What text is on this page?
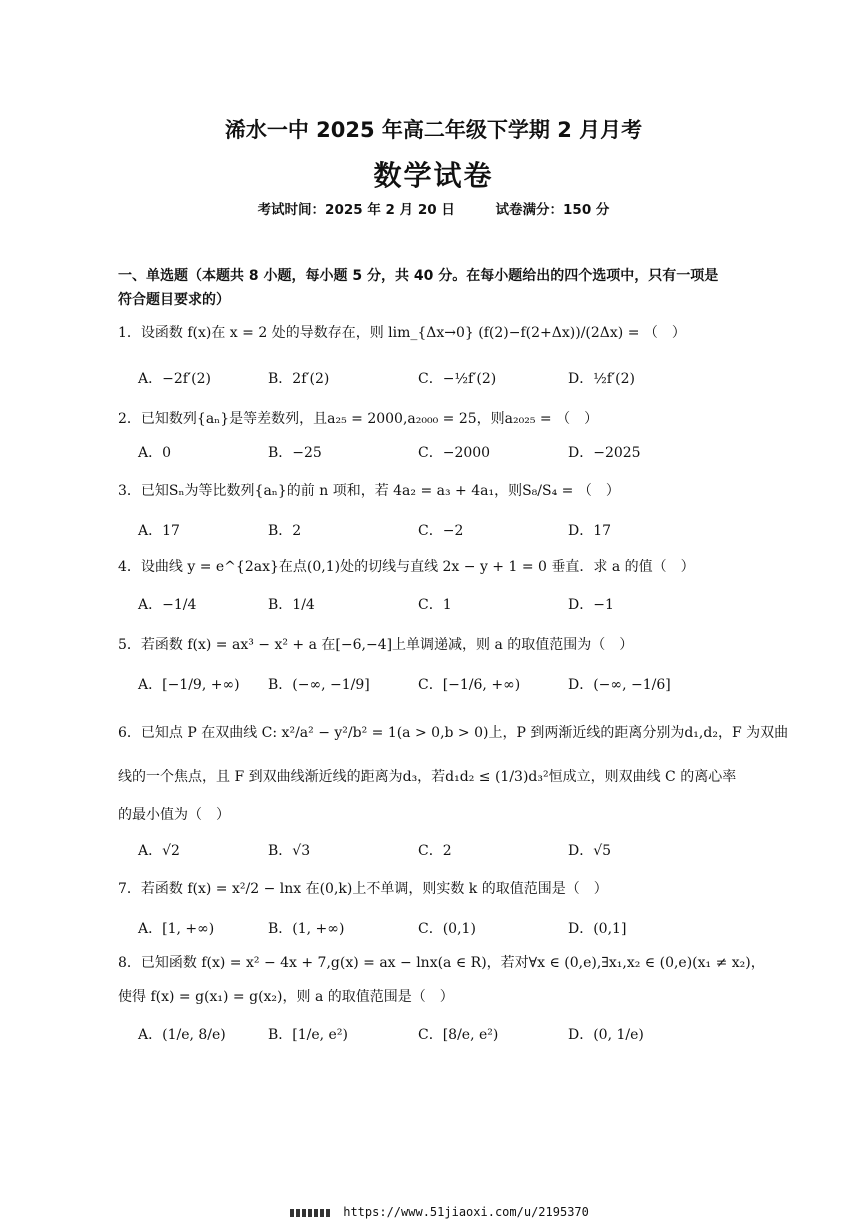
浠水一中 2025 年高二年级下学期 2 月月考
数学试卷
考试时间：2025 年 2 月 20 日	试卷满分：150 分
一、单选题（本题共 8 小题，每小题 5 分，共 40 分。在每小题给出的四个选项中，只有一项是
符合题目要求的）
1．设函数 f(x)在 x = 2 处的导数存在，则 lim_{Δx→0} (f(2)−f(2+Δx))/(2Δx) = （　）
A．−2f′(2)	B．2f′(2)	C．−½f′(2)	D．½f′(2)
2．已知数列{aₙ}是等差数列，且a₂₅ = 2000,a₂₀₀₀ = 25，则a₂₀₂₅ = （　）
A．0	B．−25	C．−2000	D．−2025
3．已知Sₙ为等比数列{aₙ}的前 n 项和，若 4a₂ = a₃ + 4a₁，则S₈/S₄ = （　）
A．17	B．2	C．−2	D．17
4．设曲线 y = e^{2ax}在点(0,1)处的切线与直线 2x − y + 1 = 0 垂直．求 a 的值（　）
A．−1/4	B．1/4	C．1	D．−1
5．若函数 f(x) = ax³ − x² + a 在[−6,−4]上单调递减，则 a 的取值范围为（　）
A．[−1/9, +∞) B．(−∞, −1/9]	C．[−1/6, +∞)	D．(−∞, −1/6]
6．已知点 P 在双曲线 C: x²/a² − y²/b² = 1(a > 0,b > 0)上，P 到两渐近线的距离分别为d₁,d₂，F 为双曲
线的一个焦点，且 F 到双曲线渐近线的距离为d₃，若d₁d₂ ≤ (1/3)d₃²恒成立，则双曲线 C 的离心率
的最小值为（　）
A．√2	B．√3	C．2	D．√5
7．若函数 f(x) = x²/2 − lnx 在(0,k)上不单调，则实数 k 的取值范围是（　）
A．[1, +∞)	B．(1, +∞)	C．(0,1)	D．(0,1]
8．已知函数 f(x) = x² − 4x + 7,g(x) = ax − lnx(a ∈ R)，若对∀x ∈ (0,e),∃x₁,x₂ ∈ (0,e)(x₁ ≠ x₂)，
使得 f(x) = g(x₁) = g(x₂)，则 a 的取值范围是（　）
A．(1/e, 8/e)	B．[1/e, e²)	C．[8/e, e²)	D．(0, 1/e)
https://www.51jiaoxi.com/u/2195370
